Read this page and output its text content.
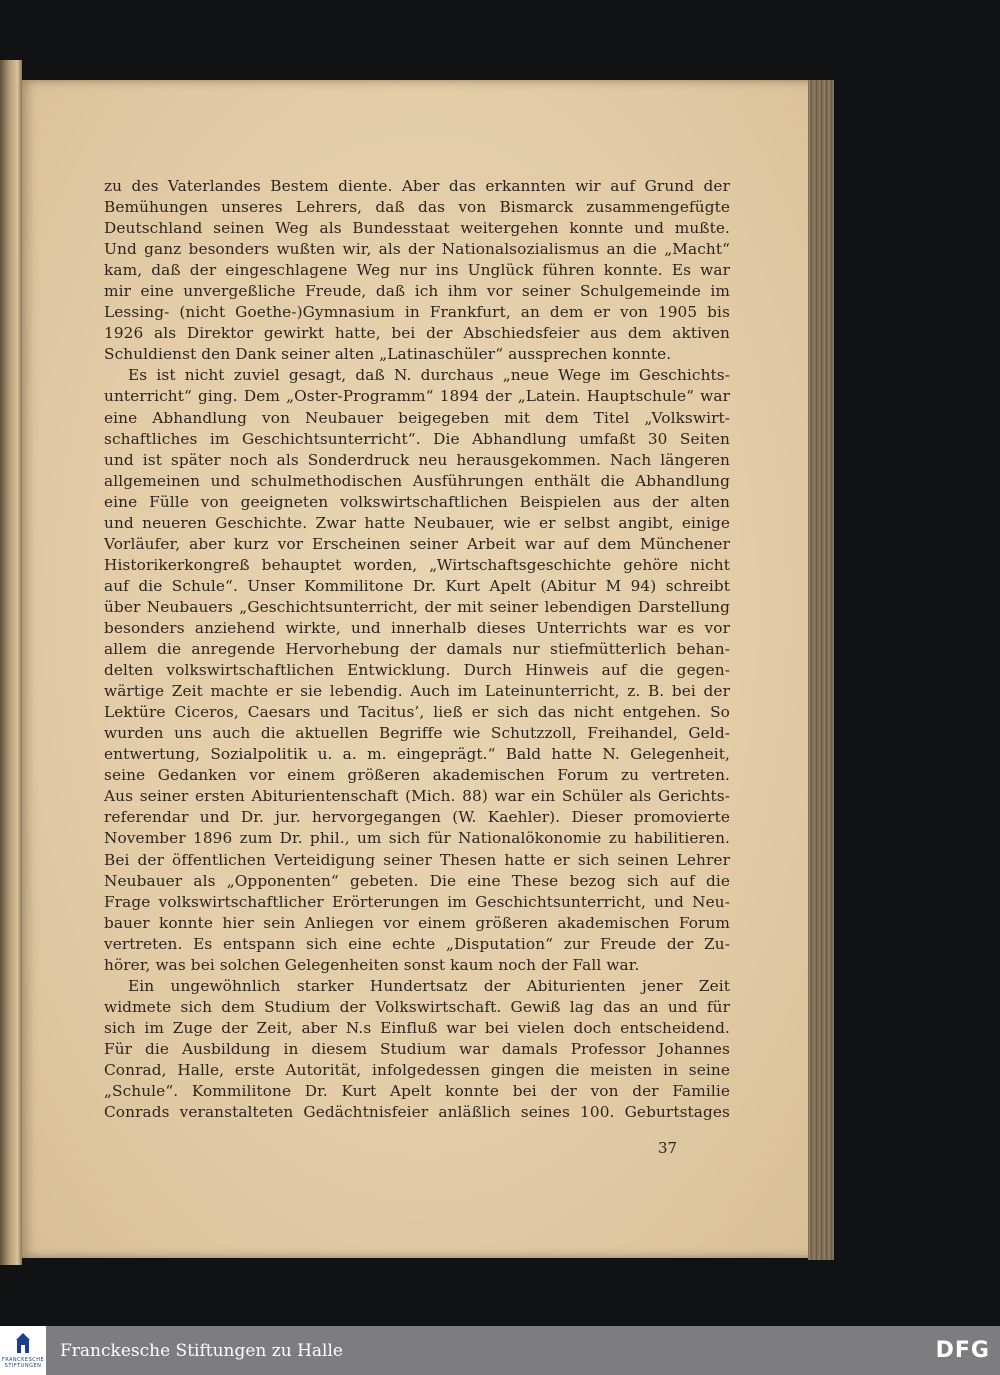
zu des Vaterlandes Bestem diente. Aber das erkannten wir auf Grund der
Bemühungen unseres Lehrers, daß das von Bismarck zusammengefügte
Deutschland seinen Weg als Bundesstaat weitergehen konnte und mußte.
Und ganz besonders wußten wir, als der Nationalsozialismus an die „Macht“
kam, daß der eingeschlagene Weg nur ins Unglück führen konnte. Es war
mir eine unvergeßliche Freude, daß ich ihm vor seiner Schulgemeinde im
Lessing- (nicht Goethe-)Gymnasium in Frankfurt, an dem er von 1905 bis
1926 als Direktor gewirkt hatte, bei der Abschiedsfeier aus dem aktiven
Schuldienst den Dank seiner alten „Latinaschüler“ aussprechen konnte.
Es ist nicht zuviel gesagt, daß N. durchaus „neue Wege im Geschichts-
unterricht“ ging. Dem „Oster-Programm“ 1894 der „Latein. Hauptschule“ war
eine Abhandlung von Neubauer beigegeben mit dem Titel „Volkswirt-
schaftliches im Geschichtsunterricht“. Die Abhandlung umfaßt 30 Seiten
und ist später noch als Sonderdruck neu herausgekommen. Nach längeren
allgemeinen und schulmethodischen Ausführungen enthält die Abhandlung
eine Fülle von geeigneten volkswirtschaftlichen Beispielen aus der alten
und neueren Geschichte. Zwar hatte Neubauer, wie er selbst angibt, einige
Vorläufer, aber kurz vor Erscheinen seiner Arbeit war auf dem Münchener
Historikerkongreß behauptet worden, „Wirtschaftsgeschichte gehöre nicht
auf die Schule“. Unser Kommilitone Dr. Kurt Apelt (Abitur M 94) schreibt
über Neubauers „Geschichtsunterricht, der mit seiner lebendigen Darstellung
besonders anziehend wirkte, und innerhalb dieses Unterrichts war es vor
allem die anregende Hervorhebung der damals nur stiefmütterlich behan-
delten volkswirtschaftlichen Entwicklung. Durch Hinweis auf die gegen-
wärtige Zeit machte er sie lebendig. Auch im Lateinunterricht, z. B. bei der
Lektüre Ciceros, Caesars und Tacitus’, ließ er sich das nicht entgehen. So
wurden uns auch die aktuellen Begriffe wie Schutzzoll, Freihandel, Geld-
entwertung, Sozialpolitik u. a. m. eingeprägt.“ Bald hatte N. Gelegenheit,
seine Gedanken vor einem größeren akademischen Forum zu vertreten.
Aus seiner ersten Abiturientenschaft (Mich. 88) war ein Schüler als Gerichts-
referendar und Dr. jur. hervorgegangen (W. Kaehler). Dieser promovierte
November 1896 zum Dr. phil., um sich für Nationalökonomie zu habilitieren.
Bei der öffentlichen Verteidigung seiner Thesen hatte er sich seinen Lehrer
Neubauer als „Opponenten“ gebeten. Die eine These bezog sich auf die
Frage volkswirtschaftlicher Erörterungen im Geschichtsunterricht, und Neu-
bauer konnte hier sein Anliegen vor einem größeren akademischen Forum
vertreten. Es entspann sich eine echte „Disputation“ zur Freude der Zu-
hörer, was bei solchen Gelegenheiten sonst kaum noch der Fall war.
Ein ungewöhnlich starker Hundertsatz der Abiturienten jener Zeit
widmete sich dem Studium der Volkswirtschaft. Gewiß lag das an und für
sich im Zuge der Zeit, aber N.s Einfluß war bei vielen doch entscheidend.
Für die Ausbildung in diesem Studium war damals Professor Johannes
Conrad, Halle, erste Autorität, infolgedessen gingen die meisten in seine
„Schule“. Kommilitone Dr. Kurt Apelt konnte bei der von der Familie
Conrads veranstalteten Gedächtnisfeier anläßlich seines 100. Geburtstages
37
FRANCKESCHE STIFTUNGEN
Franckesche Stiftungen zu Halle	DFG
